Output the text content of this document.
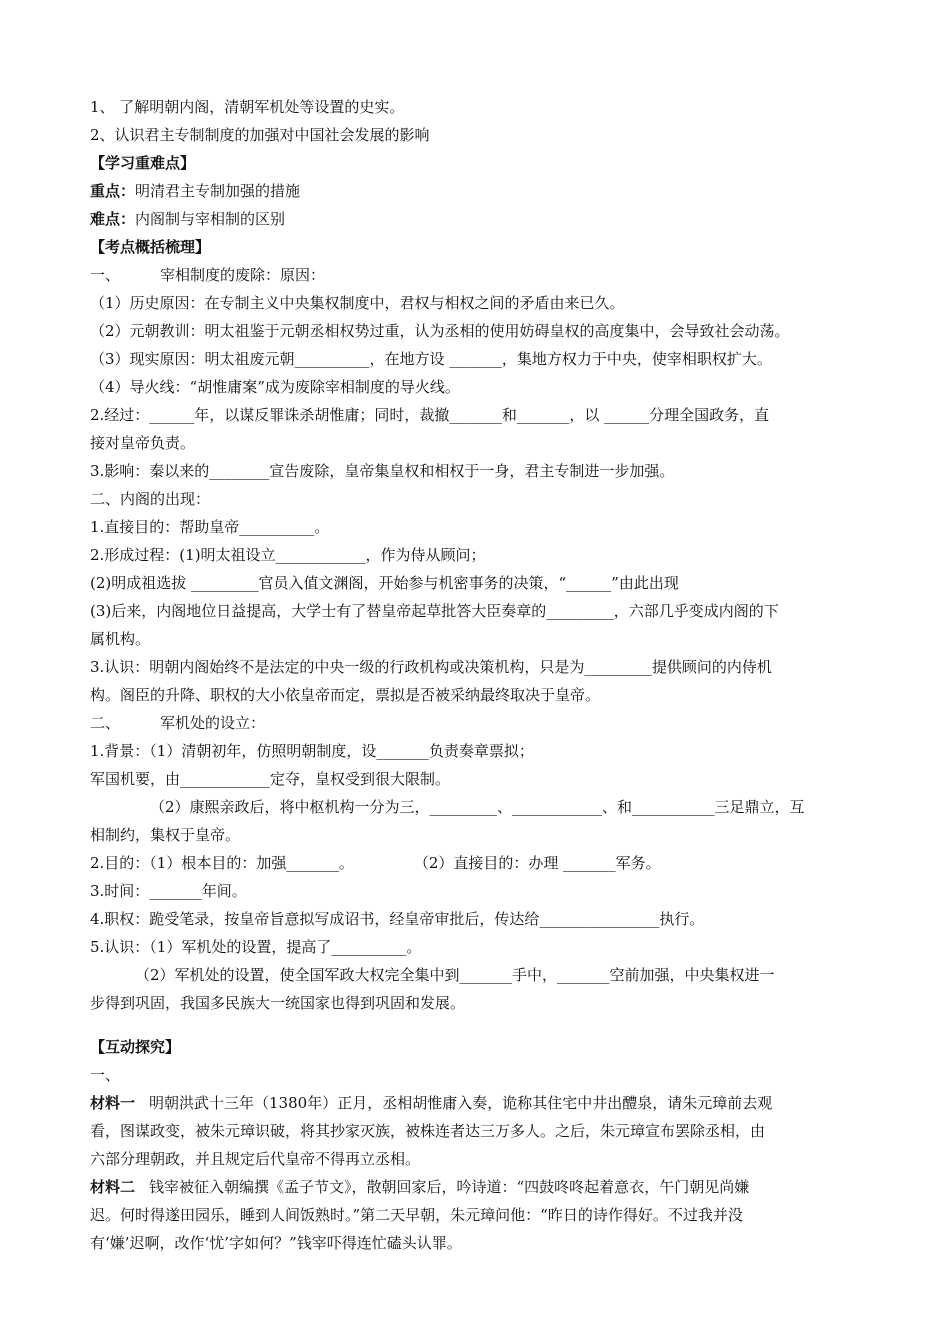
1、 了解明朝内阁，清朝军机处等设置的史实。
2、认识君主专制制度的加强对中国社会发展的影响
【学习重难点】
重点：明清君主专制加强的措施
难点：内阁制与宰相制的区别
【考点概括梳理】
一、	宰相制度的废除：原因：
（1）历史原因：在专制主义中央集权制度中，君权与相权之间的矛盾由来已久。
（2）元朝教训：明太祖鉴于元朝丞相权势过重，认为丞相的使用妨碍皇权的高度集中，会导致社会动荡。
（3）现实原因：明太祖废元朝__________，在地方设 _______，集地方权力于中央，使宰相职权扩大。
（4）导火线：“胡惟庸案”成为废除宰相制度的导火线。
2.经过：______年，以谋反罪诛杀胡惟庸；同时，裁撤_______和_______，以 ______分理全国政务，直
接对皇帝负责。
3.影响：秦以来的________宣告废除，皇帝集皇权和相权于一身，君主专制进一步加强。
二、内阁的出现：
1.直接目的：帮助皇帝__________。
2.形成过程：(1)明太祖设立____________，作为侍从顾问；
(2)明成祖选拔 _________官员入值文渊阁，开始参与机密事务的决策，“______”由此出现
(3)后来，内阁地位日益提高，大学士有了替皇帝起草批答大臣奏章的_________，六部几乎变成内阁的下
属机构。
3.认识：明朝内阁始终不是法定的中央一级的行政机构或决策机构，只是为_________提供顾问的内侍机
构。阁臣的升降、职权的大小依皇帝而定，票拟是否被采纳最终取决于皇帝。
二、	军机处的设立：
1.背景：（1）清朝初年，仿照明朝制度，设_______负责奏章票拟；
军国机要，由____________定夺，皇权受到很大限制。
（2）康熙亲政后，将中枢机构一分为三，_________、____________、和___________三足鼎立，互
相制约，集权于皇帝。
2.目的：（1）根本目的：加强_______。	（2）直接目的：办理 _______军务。
3.时间：_______年间。
4.职权：跪受笔录，按皇帝旨意拟写成诏书，经皇帝审批后，传达给________________执行。
5.认识：（1）军机处的设置，提高了__________。
（2）军机处的设置，使全国军政大权完全集中到_______手中，_______空前加强，中央集权进一
步得到巩固，我国多民族大一统国家也得到巩固和发展。
【互动探究】
一、
材料一 明朝洪武十三年（1380年）正月，丞相胡惟庸入奏，诡称其住宅中井出醴泉，请朱元璋前去观
看，图谋政变，被朱元璋识破，将其抄家灭族，被株连者达三万多人。之后，朱元璋宣布罢除丞相，由
六部分理朝政，并且规定后代皇帝不得再立丞相。
材料二 钱宰被征入朝编撰《孟子节文》，散朝回家后，吟诗道：“四鼓咚咚起着意衣，午门朝见尚嫌
迟。何时得遂田园乐，睡到人间饭熟时。”第二天早朝，朱元璋问他：“昨日的诗作得好。不过我并没
有‘嫌’迟啊，改作‘忧’字如何？”钱宰吓得连忙磕头认罪。
